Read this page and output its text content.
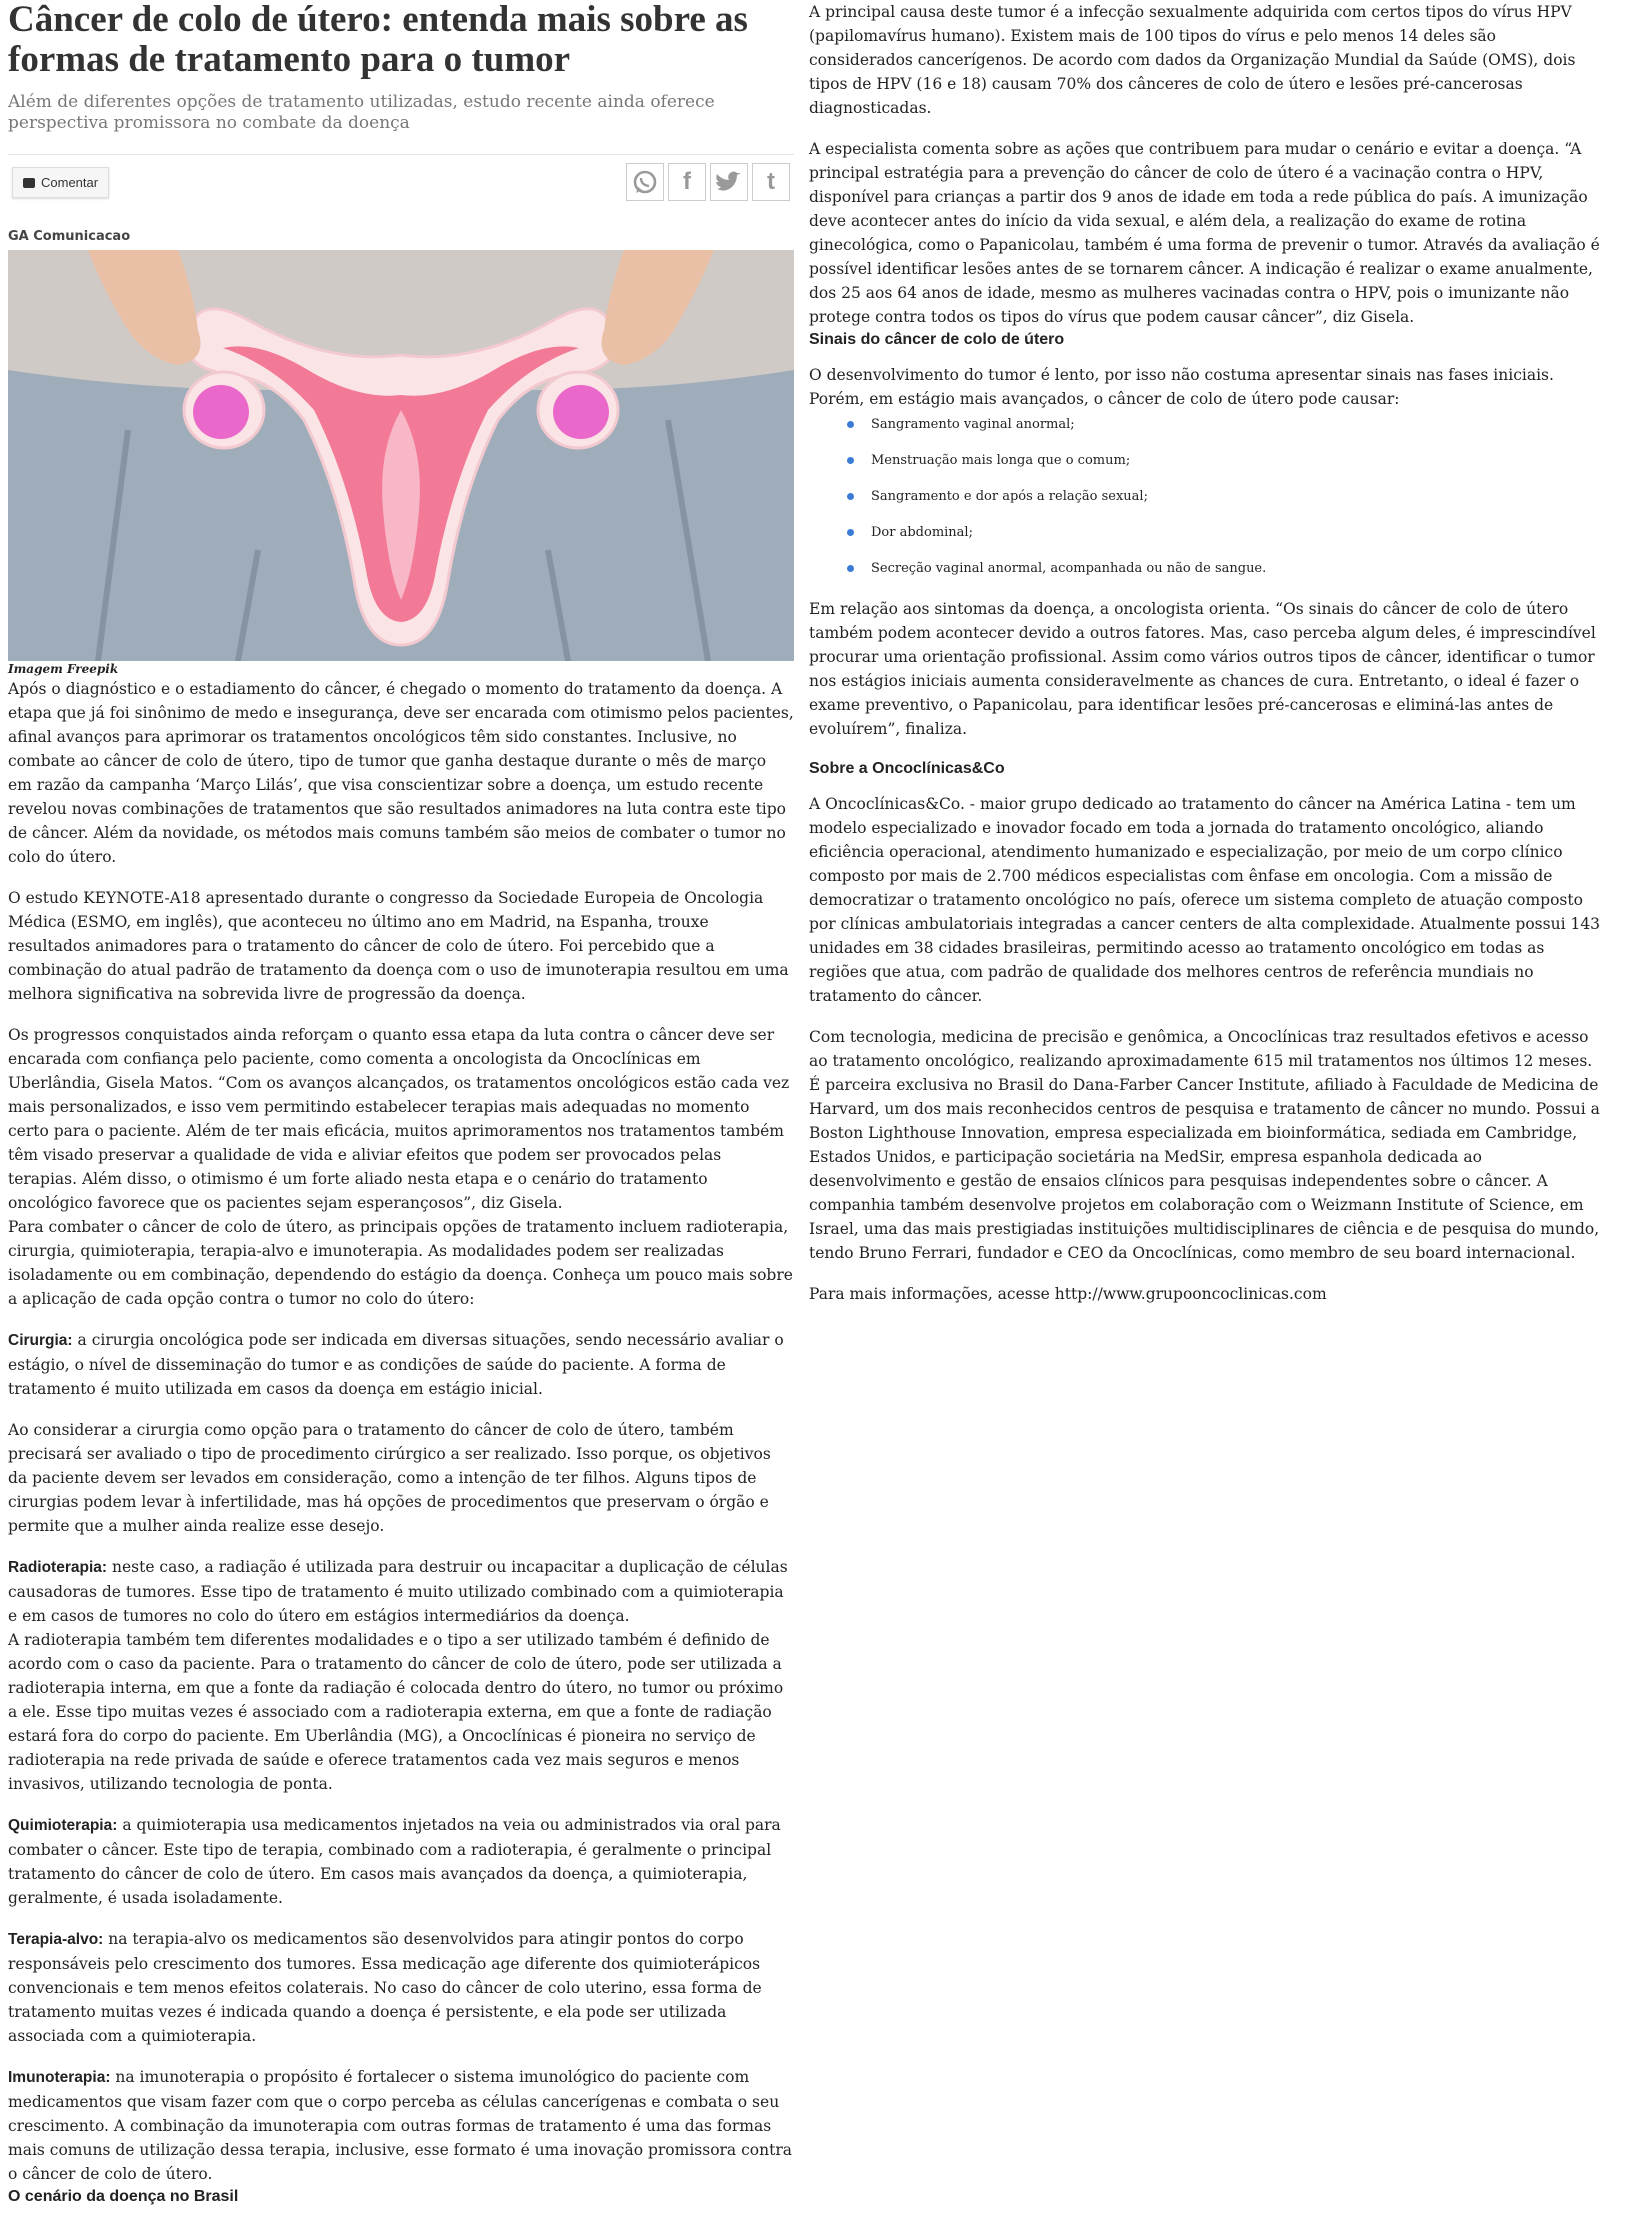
Câncer de colo de útero: entenda mais sobre as formas de tratamento para o tumor
Além de diferentes opções de tratamento utilizadas, estudo recente ainda oferece perspectiva promissora no combate da doença
Comentar	f	t
GA Comunicacao
Imagem Freepik

Após o diagnóstico e o estadiamento do câncer, é chegado o momento do tratamento da doença. A etapa que já foi sinônimo de medo e insegurança, deve ser encarada com otimismo pelos pacientes, afinal avanços para aprimorar os tratamentos oncológicos têm sido constantes. Inclusive, no combate ao câncer de colo de útero, tipo de tumor que ganha destaque durante o mês de março em razão da campanha ‘Março Lilás’, que visa conscientizar sobre a doença, um estudo recente revelou novas combinações de tratamentos que são resultados animadores na luta contra este tipo de câncer. Além da novidade, os métodos mais comuns também são meios de combater o tumor no colo do útero.

O estudo KEYNOTE-A18 apresentado durante o congresso da Sociedade Europeia de Oncologia Médica (ESMO, em inglês), que aconteceu no último ano em Madrid, na Espanha, trouxe resultados animadores para o tratamento do câncer de colo de útero. Foi percebido que a combinação do atual padrão de tratamento da doença com o uso de imunoterapia resultou em uma melhora significativa na sobrevida livre de progressão da doença.

Os progressos conquistados ainda reforçam o quanto essa etapa da luta contra o câncer deve ser encarada com confiança pelo paciente, como comenta a oncologista da Oncoclínicas em Uberlândia, Gisela Matos. “Com os avanços alcançados, os tratamentos oncológicos estão cada vez mais personalizados, e isso vem permitindo estabelecer terapias mais adequadas no momento certo para o paciente. Além de ter mais eficácia, muitos aprimoramentos nos tratamentos também têm visado preservar a qualidade de vida e aliviar efeitos que podem ser provocados pelas terapias. Além disso, o otimismo é um forte aliado nesta etapa e o cenário do tratamento oncológico favorece que os pacientes sejam esperançosos”, diz Gisela.

Para combater o câncer de colo de útero, as principais opções de tratamento incluem radioterapia, cirurgia, quimioterapia, terapia-alvo e imunoterapia. As modalidades podem ser realizadas isoladamente ou em combinação, dependendo do estágio da doença. Conheça um pouco mais sobre a aplicação de cada opção contra o tumor no colo do útero:

Cirurgia: a cirurgia oncológica pode ser indicada em diversas situações, sendo necessário avaliar o estágio, o nível de disseminação do tumor e as condições de saúde do paciente. A forma de tratamento é muito utilizada em casos da doença em estágio inicial.

Ao considerar a cirurgia como opção para o tratamento do câncer de colo de útero, também precisará ser avaliado o tipo de procedimento cirúrgico a ser realizado. Isso porque, os objetivos da paciente devem ser levados em consideração, como a intenção de ter filhos. Alguns tipos de cirurgias podem levar à infertilidade, mas há opções de procedimentos que preservam o órgão e permite que a mulher ainda realize esse desejo.

Radioterapia: neste caso, a radiação é utilizada para destruir ou incapacitar a duplicação de células causadoras de tumores. Esse tipo de tratamento é muito utilizado combinado com a quimioterapia e em casos de tumores no colo do útero em estágios intermediários da doença.

A radioterapia também tem diferentes modalidades e o tipo a ser utilizado também é definido de acordo com o caso da paciente. Para o tratamento do câncer de colo de útero, pode ser utilizada a radioterapia interna, em que a fonte da radiação é colocada dentro do útero, no tumor ou próximo a ele. Esse tipo muitas vezes é associado com a radioterapia externa, em que a fonte de radiação estará fora do corpo do paciente. Em Uberlândia (MG), a Oncoclínicas é pioneira no serviço de radioterapia na rede privada de saúde e oferece tratamentos cada vez mais seguros e menos invasivos, utilizando tecnologia de ponta.

Quimioterapia: a quimioterapia usa medicamentos injetados na veia ou administrados via oral para combater o câncer. Este tipo de terapia, combinado com a radioterapia, é geralmente o principal tratamento do câncer de colo de útero. Em casos mais avançados da doença, a quimioterapia, geralmente, é usada isoladamente.

Terapia-alvo: na terapia-alvo os medicamentos são desenvolvidos para atingir pontos do corpo responsáveis pelo crescimento dos tumores. Essa medicação age diferente dos quimioterápicos convencionais e tem menos efeitos colaterais. No caso do câncer de colo uterino, essa forma de tratamento muitas vezes é indicada quando a doença é persistente, e ela pode ser utilizada associada com a quimioterapia.

Imunoterapia: na imunoterapia o propósito é fortalecer o sistema imunológico do paciente com medicamentos que visam fazer com que o corpo perceba as células cancerígenas e combata o seu crescimento. A combinação da imunoterapia com outras formas de tratamento é uma das formas mais comuns de utilização dessa terapia, inclusive, esse formato é uma inovação promissora contra o câncer de colo de útero.

O cenário da doença no Brasil

A principal causa deste tumor é a infecção sexualmente adquirida com certos tipos do vírus HPV (papilomavírus humano). Existem mais de 100 tipos do vírus e pelo menos 14 deles são considerados cancerígenos. De acordo com dados da Organização Mundial da Saúde (OMS), dois tipos de HPV (16 e 18) causam 70% dos cânceres de colo de útero e lesões pré-cancerosas diagnosticadas.

A especialista comenta sobre as ações que contribuem para mudar o cenário e evitar a doença. “A principal estratégia para a prevenção do câncer de colo de útero é a vacinação contra o HPV, disponível para crianças a partir dos 9 anos de idade em toda a rede pública do país. A imunização deve acontecer antes do início da vida sexual, e além dela, a realização do exame de rotina ginecológica, como o Papanicolau, também é uma forma de prevenir o tumor. Através da avaliação é possível identificar lesões antes de se tornarem câncer. A indicação é realizar o exame anualmente, dos 25 aos 64 anos de idade, mesmo as mulheres vacinadas contra o HPV, pois o imunizante não protege contra todos os tipos do vírus que podem causar câncer”, diz Gisela.

Sinais do câncer de colo de útero

O desenvolvimento do tumor é lento, por isso não costuma apresentar sinais nas fases iniciais. Porém, em estágio mais avançados, o câncer de colo de útero pode causar:

Sangramento vaginal anormal;
Menstruação mais longa que o comum;
Sangramento e dor após a relação sexual;
Dor abdominal;
Secreção vaginal anormal, acompanhada ou não de sangue.

Em relação aos sintomas da doença, a oncologista orienta. “Os sinais do câncer de colo de útero também podem acontecer devido a outros fatores. Mas, caso perceba algum deles, é imprescindível procurar uma orientação profissional. Assim como vários outros tipos de câncer, identificar o tumor nos estágios iniciais aumenta consideravelmente as chances de cura. Entretanto, o ideal é fazer o exame preventivo, o Papanicolau, para identificar lesões pré-cancerosas e eliminá-las antes de evoluírem”, finaliza.

Sobre a Oncoclínicas&Co

A Oncoclínicas&Co. - maior grupo dedicado ao tratamento do câncer na América Latina - tem um modelo especializado e inovador focado em toda a jornada do tratamento oncológico, aliando eficiência operacional, atendimento humanizado e especialização, por meio de um corpo clínico composto por mais de 2.700 médicos especialistas com ênfase em oncologia. Com a missão de democratizar o tratamento oncológico no país, oferece um sistema completo de atuação composto por clínicas ambulatoriais integradas a cancer centers de alta complexidade. Atualmente possui 143 unidades em 38 cidades brasileiras, permitindo acesso ao tratamento oncológico em todas as regiões que atua, com padrão de qualidade dos melhores centros de referência mundiais no tratamento do câncer.

Com tecnologia, medicina de precisão e genômica, a Oncoclínicas traz resultados efetivos e acesso ao tratamento oncológico, realizando aproximadamente 615 mil tratamentos nos últimos 12 meses. É parceira exclusiva no Brasil do Dana-Farber Cancer Institute, afiliado à Faculdade de Medicina de Harvard, um dos mais reconhecidos centros de pesquisa e tratamento de câncer no mundo. Possui a Boston Lighthouse Innovation, empresa especializada em bioinformática, sediada em Cambridge, Estados Unidos, e participação societária na MedSir, empresa espanhola dedicada ao desenvolvimento e gestão de ensaios clínicos para pesquisas independentes sobre o câncer. A companhia também desenvolve projetos em colaboração com o Weizmann Institute of Science, em Israel, uma das mais prestigiadas instituições multidisciplinares de ciência e de pesquisa do mundo, tendo Bruno Ferrari, fundador e CEO da Oncoclínicas, como membro de seu board internacional.

Para mais informações, acesse http://www.grupooncoclinicas.com
